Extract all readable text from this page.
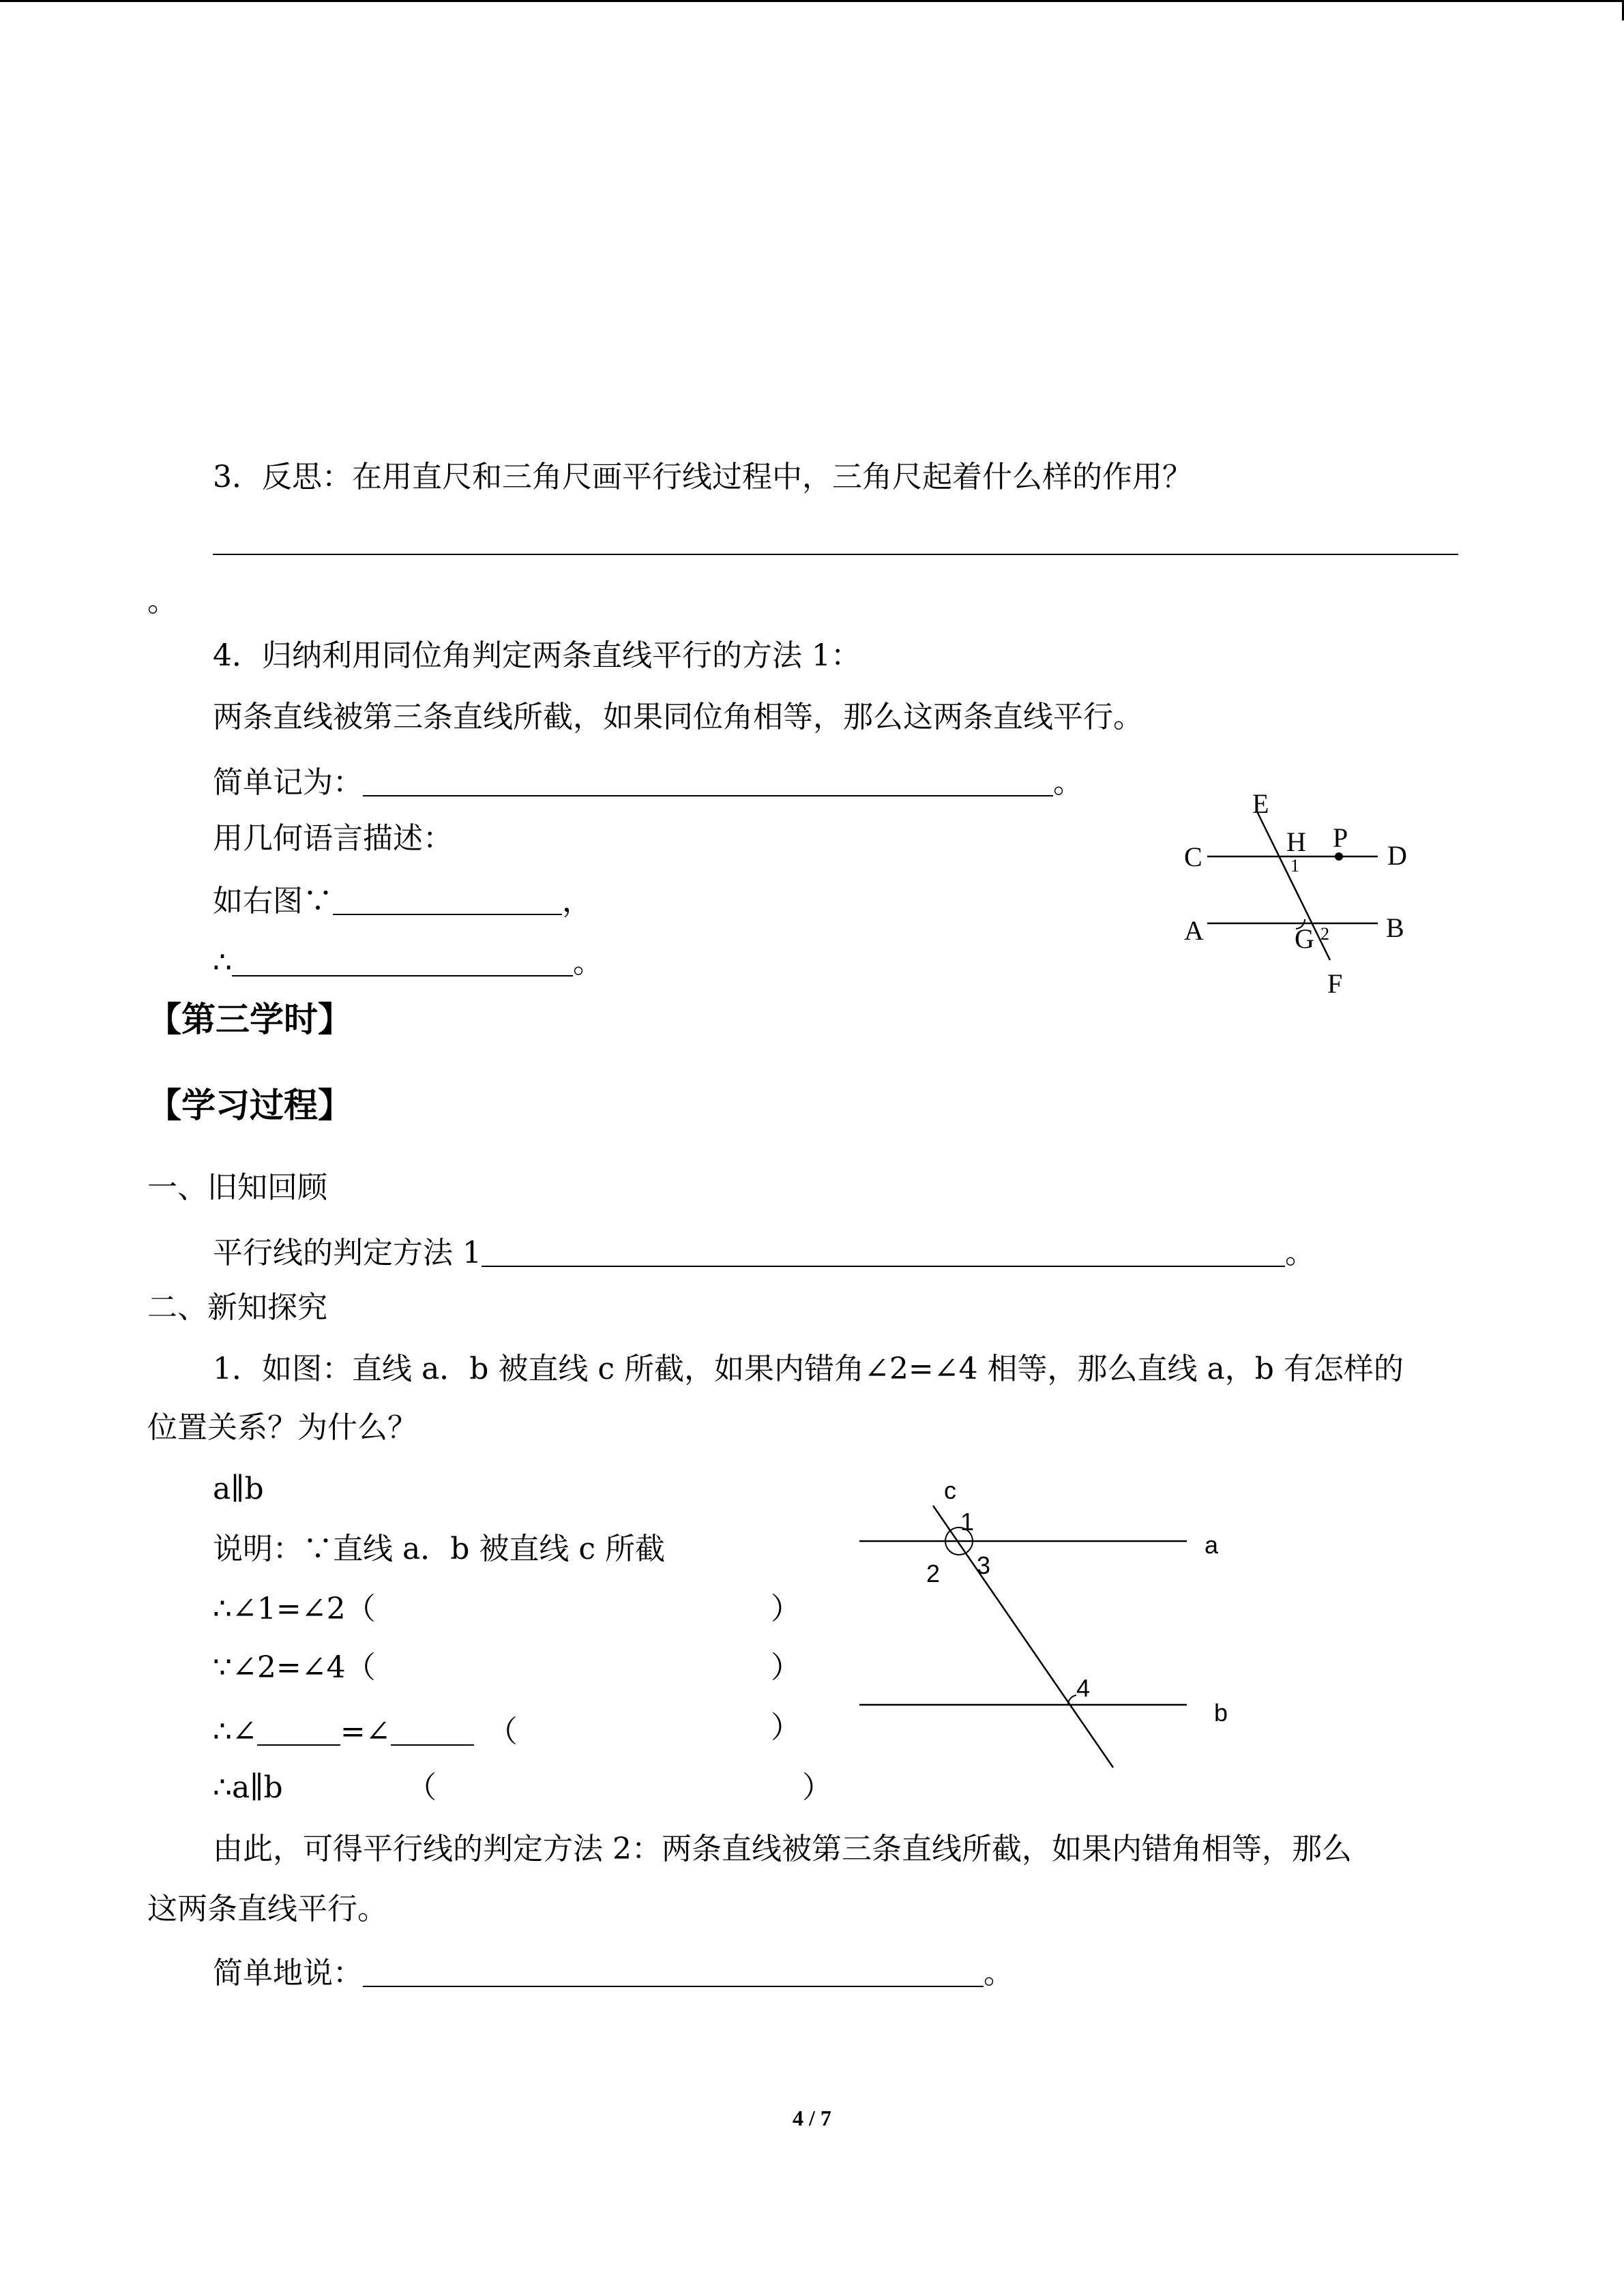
3．反思：在用直尺和三角尺画平行线过程中，三角尺起着什么样的作用？
。
4．归纳利用同位角判定两条直线平行的方法 1：
两条直线被第三条直线所截，如果同位角相等，那么这两条直线平行。
简单记为：	。
用几何语言描述：
如右图∵	，
∴	。
E
H P
C	D
1
A	G 2 B
F
【第三学时】
【学习过程】
一、旧知回顾
平行线的判定方法 1	。
二、新知探究
1．如图：直线 a．b 被直线 c 所截，如果内错角∠2=∠4 相等，那么直线 a，b 有怎样的
位置关系？为什么？
a∥b
说明：∵直线 a．b 被直线 c 所截
∴∠1=∠2（	）
∵∠2=∠4（	）
∴∠	=∠	（	）
∴a∥b	（	）
c
1
a
2 3
4
b
由此，可得平行线的判定方法 2：两条直线被第三条直线所截，如果内错角相等，那么
这两条直线平行。
简单地说：	。
4 / 7
